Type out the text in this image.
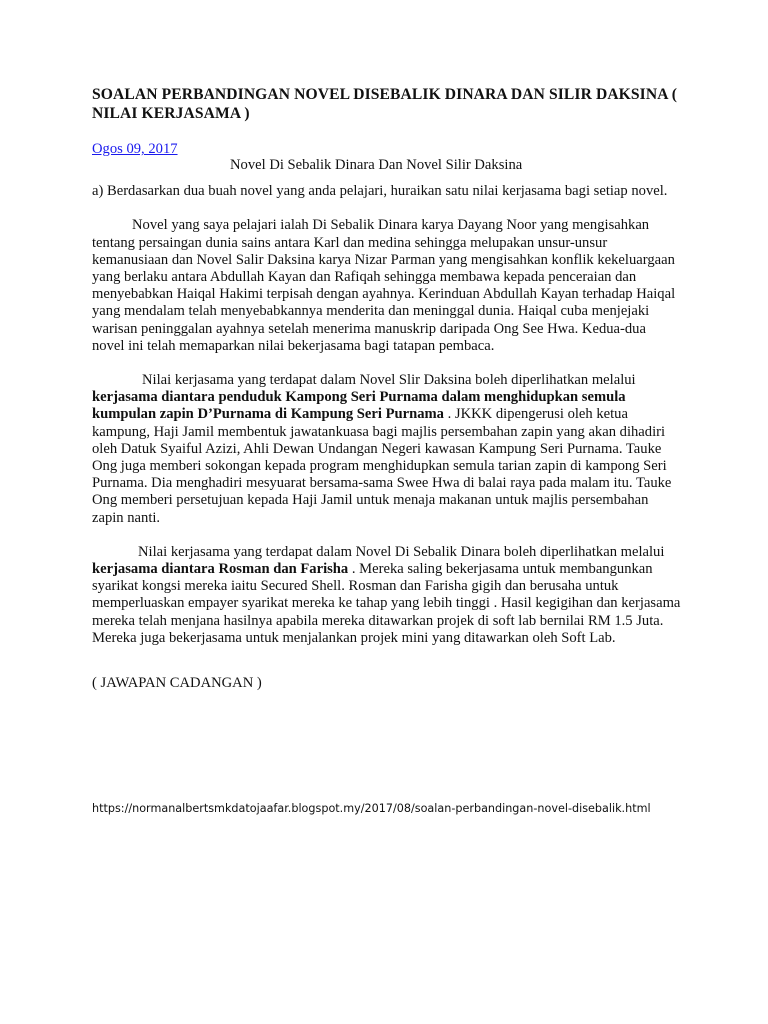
SOALAN PERBANDINGAN NOVEL DISEBALIK DINARA DAN SILIR DAKSINA ( NILAI KERJASAMA )
Ogos 09, 2017
Novel Di Sebalik Dinara Dan Novel Silir Daksina

a) Berdasarkan dua buah novel yang anda pelajari, huraikan satu nilai kerjasama bagi setiap novel.

Novel yang saya pelajari ialah Di Sebalik Dinara karya Dayang Noor yang mengisahkan tentang persaingan dunia sains antara Karl dan medina sehingga melupakan unsur-unsur kemanusiaan dan Novel Salir Daksina karya Nizar Parman yang mengisahkan konflik kekeluargaan yang berlaku antara Abdullah Kayan dan Rafiqah sehingga membawa kepada penceraian dan menyebabkan Haiqal Hakimi terpisah dengan ayahnya. Kerinduan Abdullah Kayan terhadap Haiqal yang mendalam telah menyebabkannya menderita dan meninggal dunia. Haiqal cuba menjejaki warisan peninggalan ayahnya setelah menerima manuskrip daripada Ong See Hwa. Kedua-dua novel ini telah memaparkan nilai bekerjasama bagi tatapan pembaca.

Nilai kerjasama yang terdapat dalam Novel Slir Daksina boleh diperlihatkan melalui kerjasama diantara penduduk Kampong Seri Purnama dalam menghidupkan semula kumpulan zapin D’Purnama di Kampung Seri Purnama . JKKK dipengerusi oleh ketua kampung, Haji Jamil membentuk jawatankuasa bagi majlis persembahan zapin yang akan dihadiri oleh Datuk Syaiful Azizi, Ahli Dewan Undangan Negeri kawasan Kampung Seri Purnama. Tauke Ong juga memberi sokongan kepada program menghidupkan semula tarian zapin di kampong Seri Purnama. Dia menghadiri mesyuarat bersama-sama Swee Hwa di balai raya pada malam itu. Tauke Ong memberi persetujuan kepada Haji Jamil untuk menaja makanan untuk majlis persembahan zapin nanti.

Nilai kerjasama yang terdapat dalam Novel Di Sebalik Dinara boleh diperlihatkan melalui kerjasama diantara Rosman dan Farisha . Mereka saling bekerjasama untuk membangunkan syarikat kongsi mereka iaitu Secured Shell. Rosman dan Farisha gigih dan berusaha untuk memperluaskan empayer syarikat mereka ke tahap yang lebih tinggi . Hasil kegigihan dan kerjasama mereka telah menjana hasilnya apabila mereka ditawarkan projek di soft lab bernilai RM 1.5 Juta. Mereka juga bekerjasama untuk menjalankan projek mini yang ditawarkan oleh Soft Lab.

( JAWAPAN CADANGAN )

https://normanalbertsmkdatojaafar.blogspot.my/2017/08/soalan-perbandingan-novel-disebalik.html
